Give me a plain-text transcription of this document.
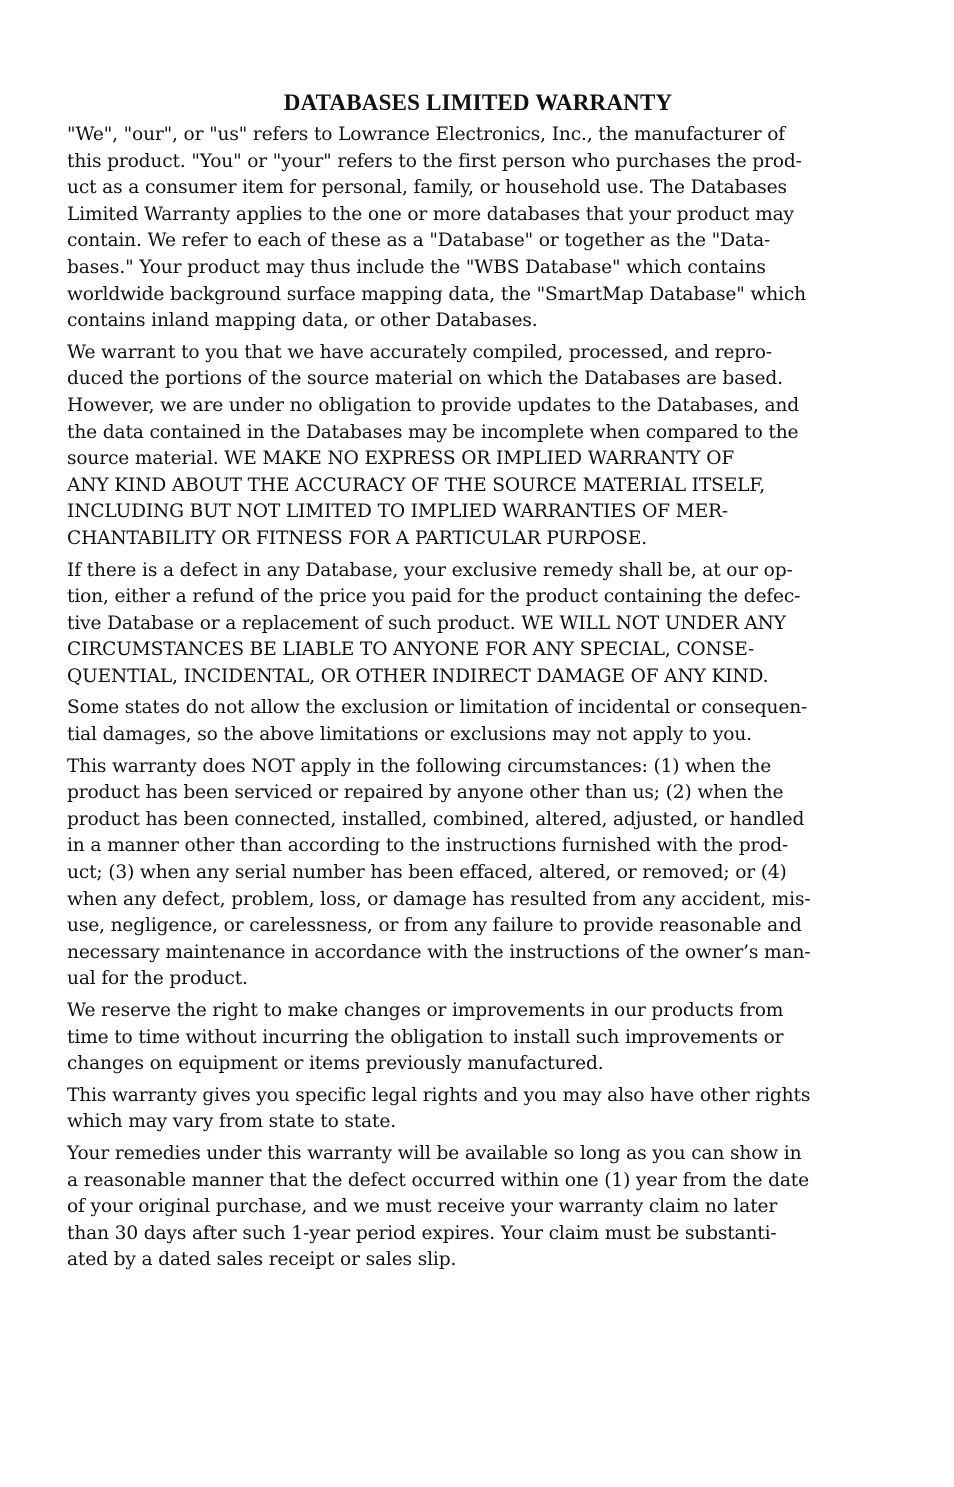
DATABASES LIMITED WARRANTY
"We", "our", or "us" refers to Lowrance Electronics, Inc., the manufacturer of
this product. "You" or "your" refers to the first person who purchases the prod-
uct as a consumer item for personal, family, or household use. The Databases
Limited Warranty applies to the one or more databases that your product may
contain. We refer to each of these as a "Database" or together as the "Data-
bases." Your product may thus include the "WBS Database" which contains
worldwide background surface mapping data, the "SmartMap Database" which
contains inland mapping data, or other Databases.
We warrant to you that we have accurately compiled, processed, and repro-
duced the portions of the source material on which the Databases are based.
However, we are under no obligation to provide updates to the Databases, and
the data contained in the Databases may be incomplete when compared to the
source material. WE MAKE NO EXPRESS OR IMPLIED WARRANTY OF
ANY KIND ABOUT THE ACCURACY OF THE SOURCE MATERIAL ITSELF,
INCLUDING BUT NOT LIMITED TO IMPLIED WARRANTIES OF MER-
CHANTABILITY OR FITNESS FOR A PARTICULAR PURPOSE.
If there is a defect in any Database, your exclusive remedy shall be, at our op-
tion, either a refund of the price you paid for the product containing the defec-
tive Database or a replacement of such product. WE WILL NOT UNDER ANY
CIRCUMSTANCES BE LIABLE TO ANYONE FOR ANY SPECIAL, CONSE-
QUENTIAL, INCIDENTAL, OR OTHER INDIRECT DAMAGE OF ANY KIND.
Some states do not allow the exclusion or limitation of incidental or consequen-
tial damages, so the above limitations or exclusions may not apply to you.
This warranty does NOT apply in the following circumstances: (1) when the
product has been serviced or repaired by anyone other than us; (2) when the
product has been connected, installed, combined, altered, adjusted, or handled
in a manner other than according to the instructions furnished with the prod-
uct; (3) when any serial number has been effaced, altered, or removed; or (4)
when any defect, problem, loss, or damage has resulted from any accident, mis-
use, negligence, or carelessness, or from any failure to provide reasonable and
necessary maintenance in accordance with the instructions of the owner’s man-
ual for the product.
We reserve the right to make changes or improvements in our products from
time to time without incurring the obligation to install such improvements or
changes on equipment or items previously manufactured.
This warranty gives you specific legal rights and you may also have other rights
which may vary from state to state.
Your remedies under this warranty will be available so long as you can show in
a reasonable manner that the defect occurred within one (1) year from the date
of your original purchase, and we must receive your warranty claim no later
than 30 days after such 1-year period expires. Your claim must be substanti-
ated by a dated sales receipt or sales slip.
